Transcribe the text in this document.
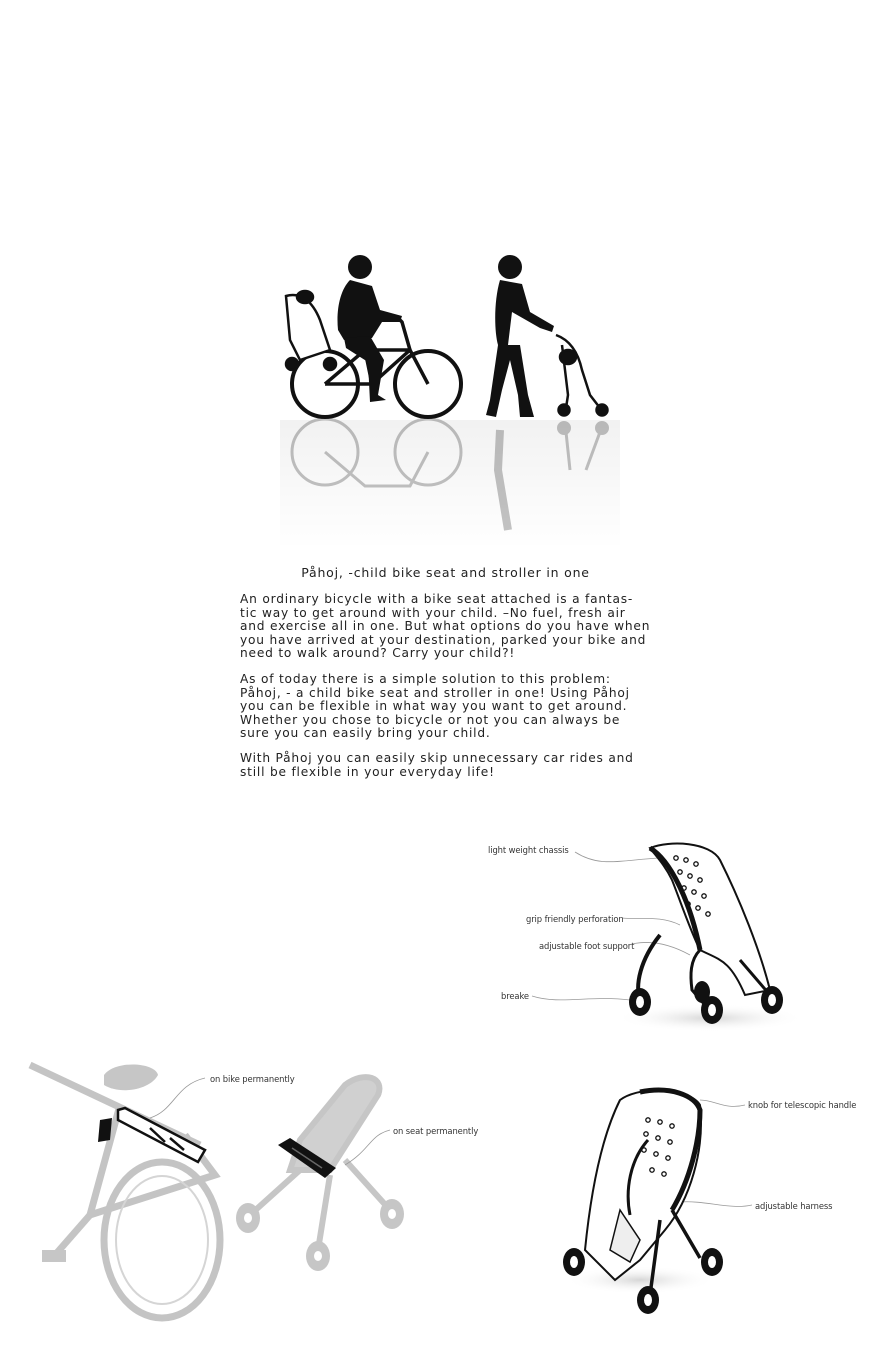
Påhoj, -child bike seat and stroller in one
An ordinary bicycle with a bike seat attached is a fantas-
tic way to get around with your child. –No fuel, fresh air
and exercise all in one. But what options do you have when
you have arrived at your destination, parked your bike and
need to walk around? Carry your child?!
As of today there is a simple solution to this problem:
Påhoj, - a child bike seat and stroller in one! Using Påhoj
you can be flexible in what way you want to get around.
Whether you chose to bicycle or not you can always be
sure you can easily bring your child.
With Påhoj you can easily skip unnecessary car rides and
still be flexible in your everyday life!
light weight chassis
grip friendly perforation
adjustable foot support
breake
on bike permanently
on seat permanently
knob for telescopic handle
adjustable harness
